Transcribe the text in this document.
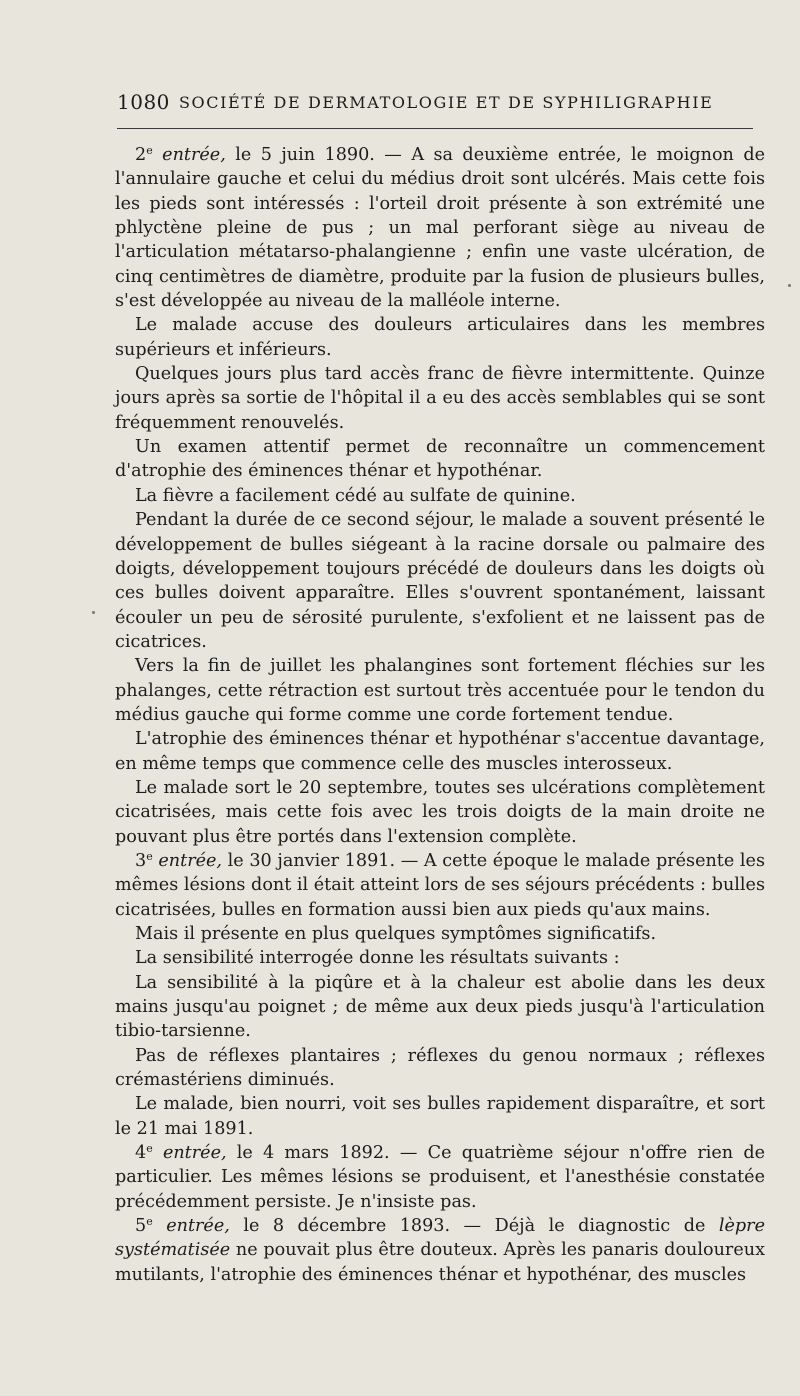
1080 SOCIÉTÉ DE DERMATOLOGIE ET DE SYPHILIGRAPHIE

2e entrée, le 5 juin 1890. — A sa deuxième entrée, le moignon de l'annulaire gauche et celui du médius droit sont ulcérés. Mais cette fois les pieds sont intéressés : l'orteil droit présente à son extrémité une phlyctène pleine de pus ; un mal perforant siège au niveau de l'articulation métatarso-phalangienne ; enfin une vaste ulcération, de cinq centimètres de diamètre, produite par la fusion de plusieurs bulles, s'est développée au niveau de la malléole interne.

Le malade accuse des douleurs articulaires dans les membres supérieurs et inférieurs.

Quelques jours plus tard accès franc de fièvre intermittente. Quinze jours après sa sortie de l'hôpital il a eu des accès semblables qui se sont fréquemment renouvelés.

Un examen attentif permet de reconnaître un commencement d'atrophie des éminences thénar et hypothénar.

La fièvre a facilement cédé au sulfate de quinine.

Pendant la durée de ce second séjour, le malade a souvent présenté le développement de bulles siégeant à la racine dorsale ou palmaire des doigts, développement toujours précédé de douleurs dans les doigts où ces bulles doivent apparaître. Elles s'ouvrent spontanément, laissant écouler un peu de sérosité purulente, s'exfolient et ne laissent pas de cicatrices.

Vers la fin de juillet les phalangines sont fortement fléchies sur les phalanges, cette rétraction est surtout très accentuée pour le tendon du médius gauche qui forme comme une corde fortement tendue.

L'atrophie des éminences thénar et hypothénar s'accentue davantage, en même temps que commence celle des muscles interosseux.

Le malade sort le 20 septembre, toutes ses ulcérations complètement cicatrisées, mais cette fois avec les trois doigts de la main droite ne pouvant plus être portés dans l'extension complète.

3e entrée, le 30 janvier 1891. — A cette époque le malade présente les mêmes lésions dont il était atteint lors de ses séjours précédents : bulles cicatrisées, bulles en formation aussi bien aux pieds qu'aux mains.

Mais il présente en plus quelques symptômes significatifs.

La sensibilité interrogée donne les résultats suivants :

La sensibilité à la piqûre et à la chaleur est abolie dans les deux mains jusqu'au poignet ; de même aux deux pieds jusqu'à l'articulation tibio-tarsienne.

Pas de réflexes plantaires ; réflexes du genou normaux ; réflexes crémastériens diminués.

Le malade, bien nourri, voit ses bulles rapidement disparaître, et sort le 21 mai 1891.

4e entrée, le 4 mars 1892. — Ce quatrième séjour n'offre rien de particulier. Les mêmes lésions se produisent, et l'anesthésie constatée précédemment persiste. Je n'insiste pas.

5e entrée, le 8 décembre 1893. — Déjà le diagnostic de lèpre systématisée ne pouvait plus être douteux. Après les panaris douloureux mutilants, l'atrophie des éminences thénar et hypothénar, des muscles
